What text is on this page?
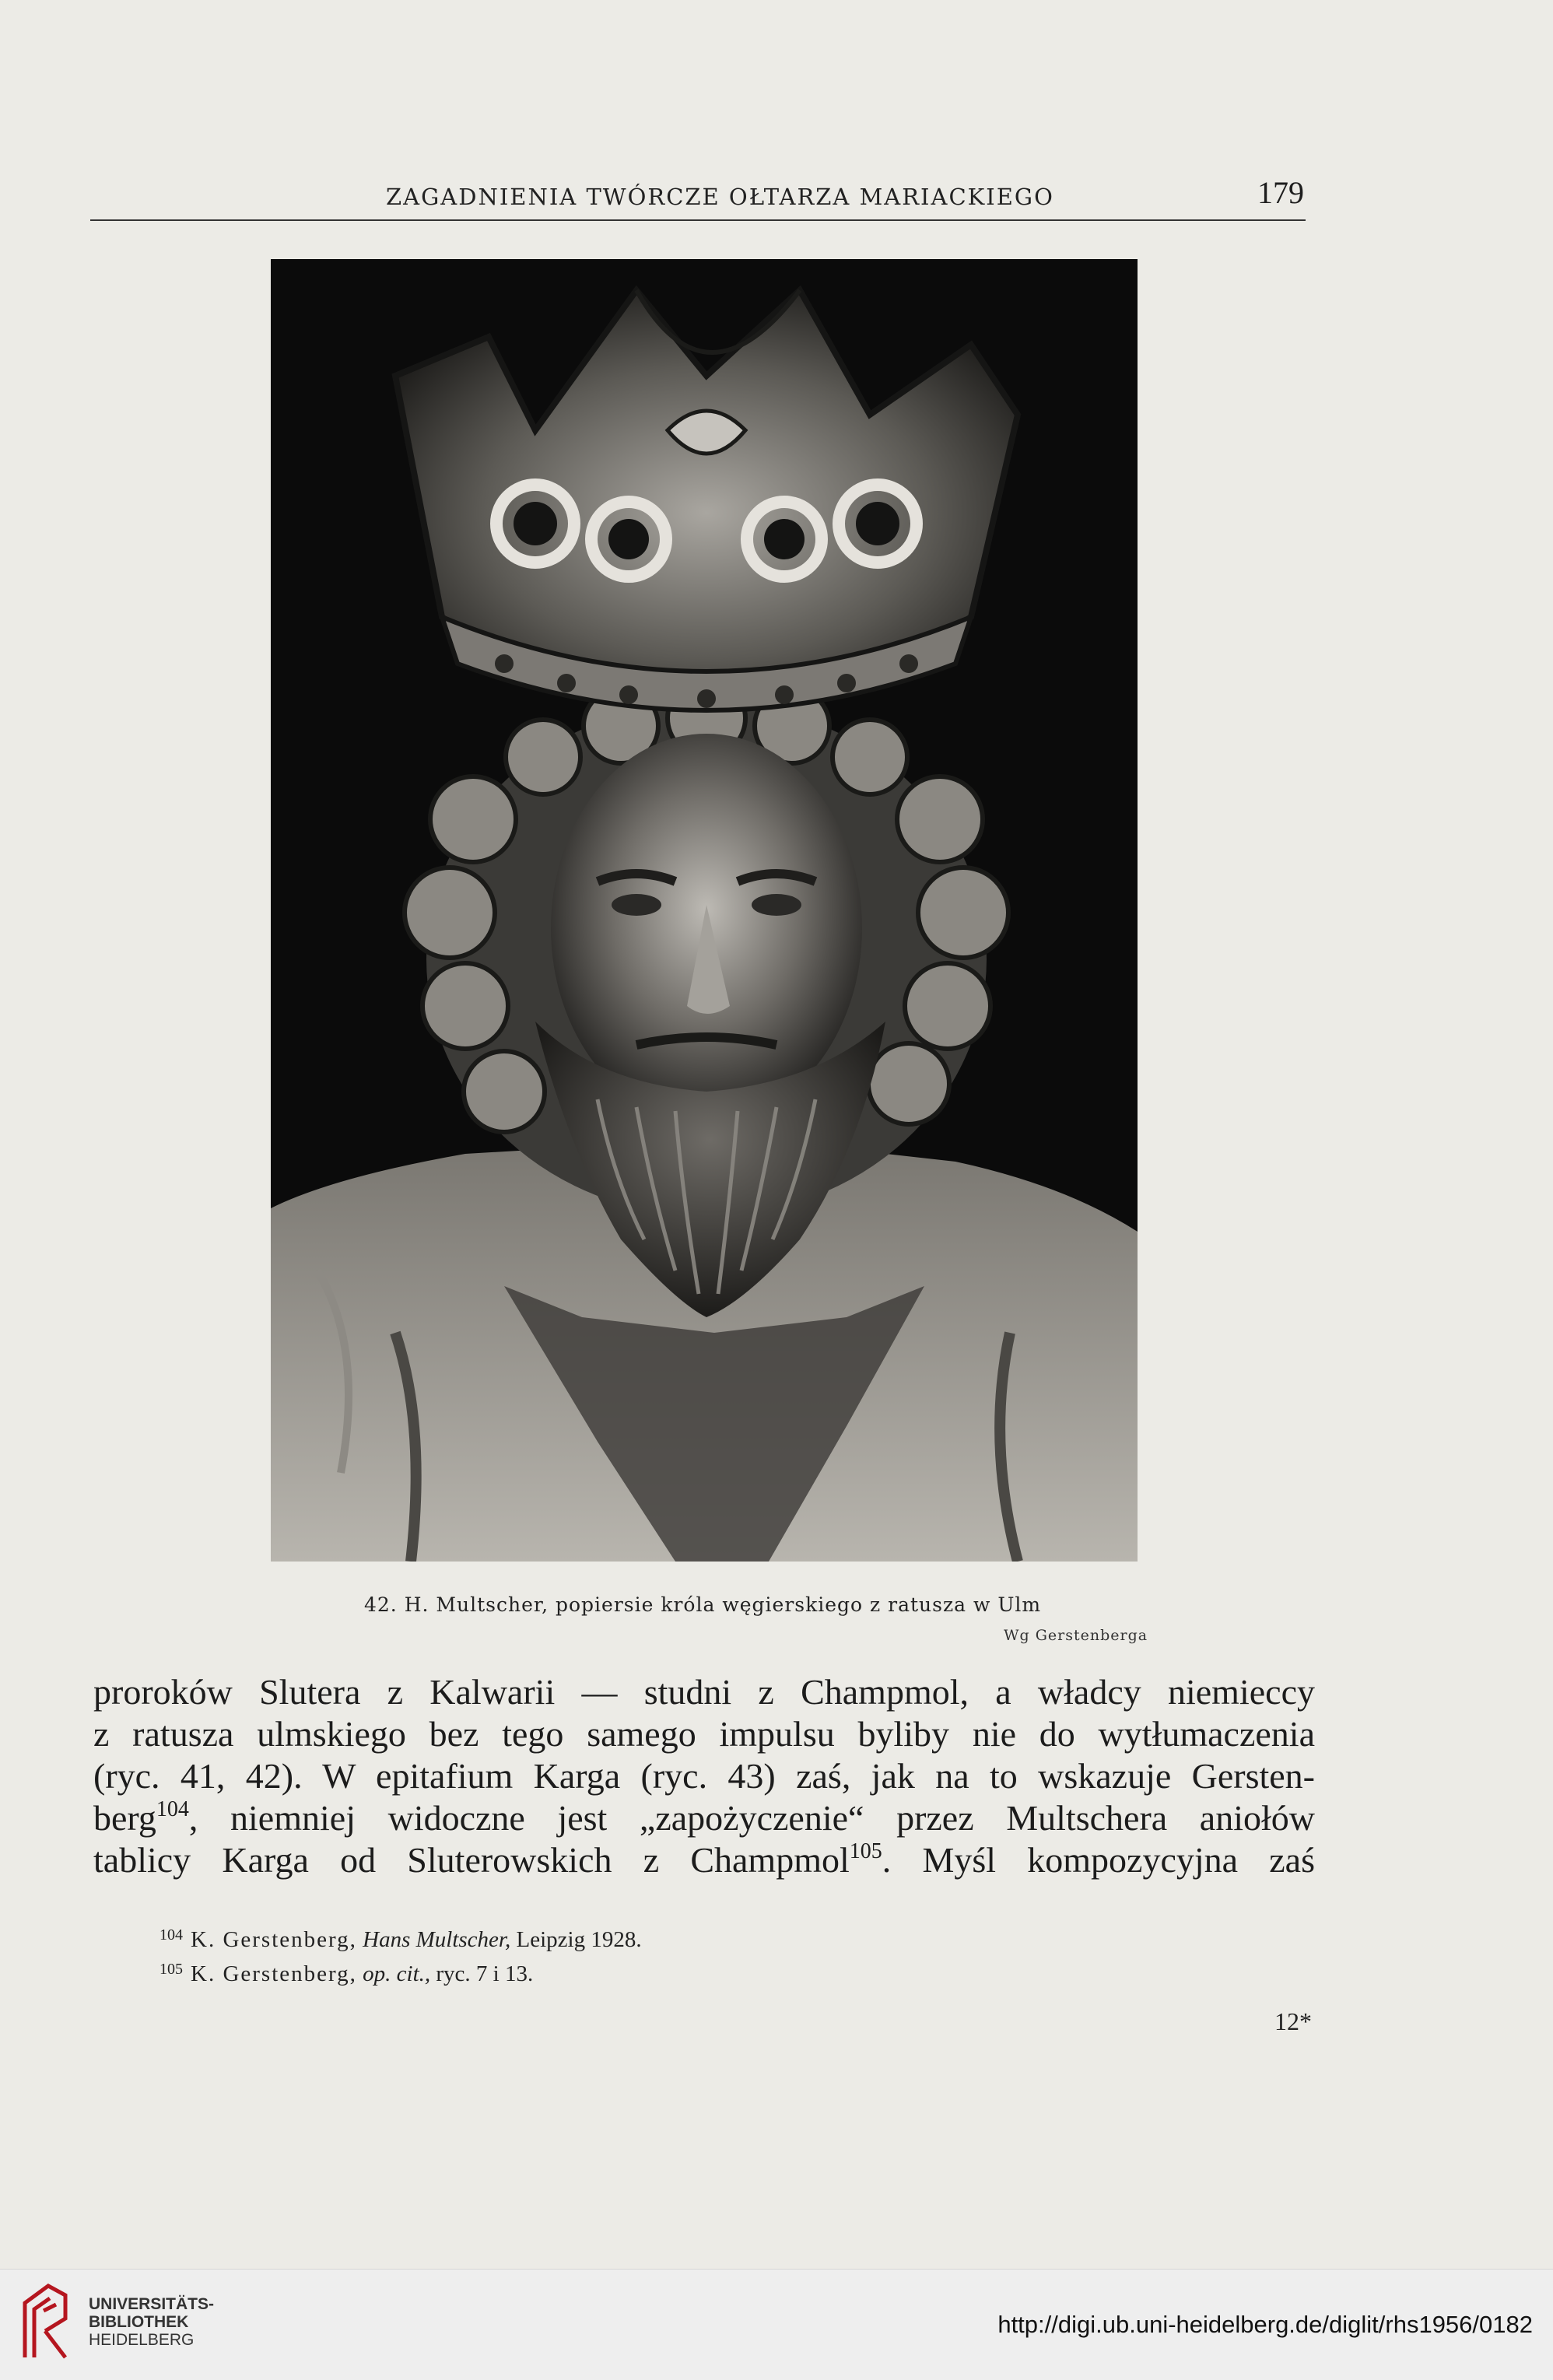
ZAGADNIENIA TWÓRCZE OŁTARZA MARIACKIEGO	179
42. H. Multscher, popiersie króla węgierskiego z ratusza w Ulm
Wg Gerstenberga
proroków Slutera z Kalwarii — studni z Champmol, a władcy niemieccy
z ratusza ulmskiego bez tego samego impulsu byliby nie do wytłumaczenia
(ryc. 41, 42). W epitafium Karga (ryc. 43) zaś, jak na to wskazuje Gersten-
berg$^{104}$, niemniej widoczne jest „zapożyczenie“ przez Multschera aniołów
tablicy Karga od Sluterowskich z Champmol$^{105}$. Myśl kompozycyjna zaś
$^{104}$ K. Gerstenberg, Hans Multscher, Leipzig 1928.
$^{105}$ K. Gerstenberg, op. cit., ryc. 7 i 13.
12*
UNIVERSITÄTS-
BIBLIOTHEK
HEIDELBERG
http://digi.ub.uni-heidelberg.de/diglit/rhs1956/0182
